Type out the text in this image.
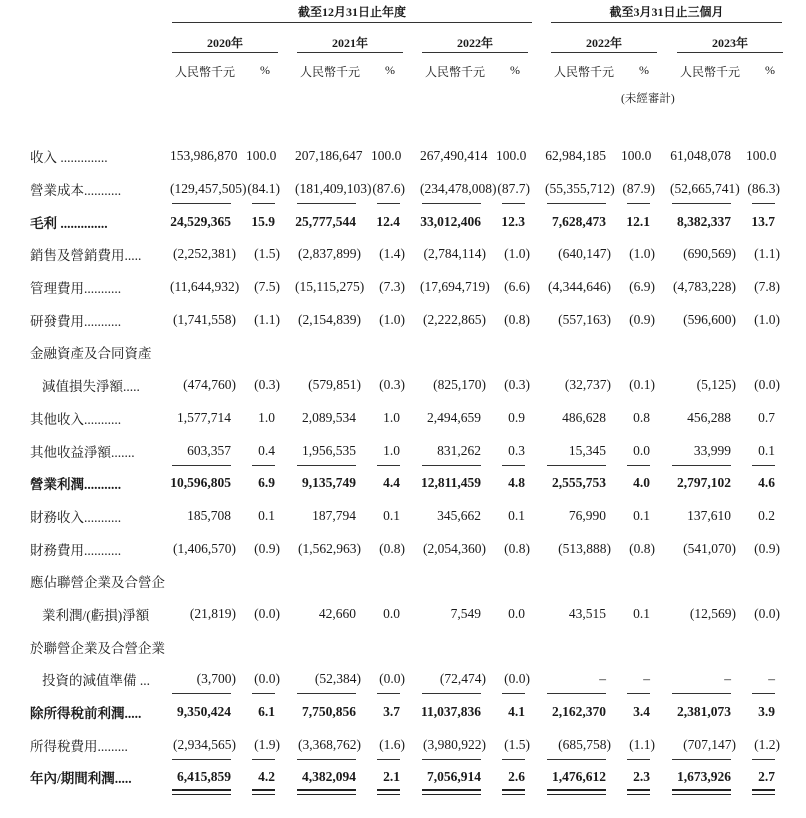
截至12月31日止年度	截至3月31日止三個月
2020年
人民幣千元 %
2021年
人民幣千元 %
2022年
人民幣千元 %
2022年
人民幣千元 %
2023年
人民幣千元 %
(未經審計)
收入 ..............	153,986,870 100.0 207,186,647 100.0 267,490,414 100.0 62,984,185	100.0 61,048,078	100.0
營業成本...........	(129,457,505) (84.1) (181,409,103) (87.6) (234,478,008) (87.7) (55,355,712) (87.9) (52,665,741) (86.3)
毛利 ..............	24,529,365	15.9	25,777,544	12.4	33,012,406	12.3	7,628,473	12.1	8,382,337	13.7
銷售及營銷費用.....	(2,252,381)	(1.5) (2,837,899)	(1.4) (2,784,114)	(1.0)	(640,147)	(1.0)	(690,569)	(1.1)
管理費用...........	(11,644,932)	(7.5) (15,115,275)	(7.3) (17,694,719)	(6.6) (4,344,646)	(6.9) (4,783,228)	(7.8)
研發費用...........	(1,741,558)	(1.1) (2,154,839)	(1.0) (2,222,865)	(0.8)	(557,163)	(0.9)	(596,600)	(1.0)
金融資產及合同資產
減值損失淨額.....	(474,760)	(0.3)	(579,851)	(0.3)	(825,170)	(0.3)	(32,737)	(0.1)	(5,125)	(0.0)
其他收入...........	1,577,714	1.0	2,089,534	1.0	2,494,659	0.9	486,628	0.8	456,288	0.7
其他收益淨額.......	603,357	0.4	1,956,535	1.0	831,262	0.3	15,345	0.0	33,999	0.1
營業利潤...........	10,596,805	6.9	9,135,749	4.4	12,811,459	4.8	2,555,753	4.0	2,797,102	4.6
財務收入...........	185,708	0.1	187,794	0.1	345,662	0.1	76,990	0.1	137,610	0.2
財務費用...........	(1,406,570)	(0.9) (1,562,963)	(0.8) (2,054,360)	(0.8)	(513,888)	(0.8)	(541,070)	(0.9)
應佔聯營企業及合營企
業利潤/(虧損)淨額	(21,819)	(0.0)	42,660	0.0	7,549	0.0	43,515	0.1	(12,569)	(0.0)
於聯營企業及合營企業
投資的減值準備 ...	(3,700)	(0.0)	(52,384)	(0.0)	(72,474)	(0.0)	–	–	–	–
除所得稅前利潤.....	9,350,424	6.1	7,750,856	3.7	11,037,836	4.1	2,162,370	3.4	2,381,073	3.9
所得稅費用.........	(2,934,565)	(1.9) (3,368,762)	(1.6) (3,980,922)	(1.5)	(685,758)	(1.1)	(707,147)	(1.2)
年內/期間利潤.....	6,415,859	4.2	4,382,094	2.1	7,056,914	2.6	1,476,612	2.3	1,673,926	2.7
